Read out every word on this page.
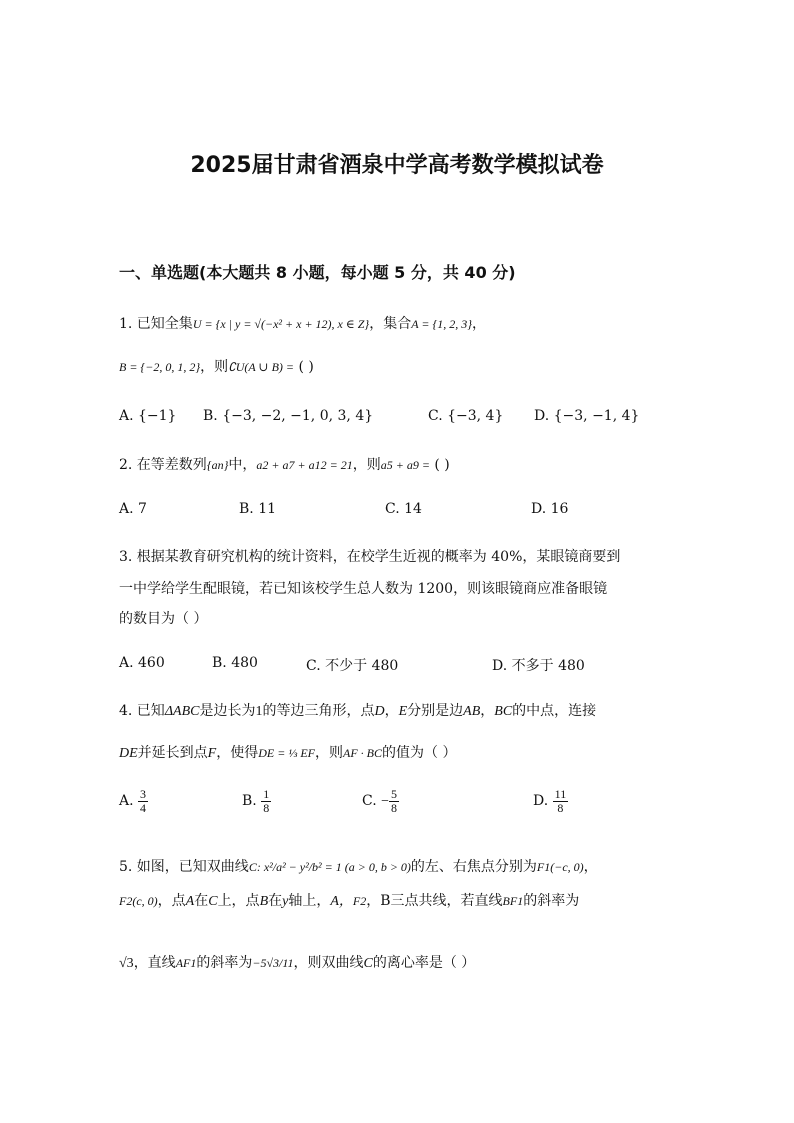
2025届甘肃省酒泉中学高考数学模拟试卷
一、单选题(本大题共 8 小题，每小题 5 分，共 40 分)
1. 已知全集U = {x | y = √(−x² + x + 12), x ∈ Z}，集合A = {1, 2, 3}，
B = {−2, 0, 1, 2}，则∁U(A ∪ B) = ( )
A. {−1} B. {−3, −2, −1, 0, 3, 4}	C. {−3, 4} D. {−3, −1, 4}
2. 在等差数列{an}中，a2 + a7 + a12 = 21，则a5 + a9 = ( )
A. 7	B. 11	C. 14	D. 16
3. 根据某教育研究机构的统计资料，在校学生近视的概率为 40%，某眼镜商要到
一中学给学生配眼镜，若已知该校学生总人数为 1200，则该眼镜商应准备眼镜
的数目为（ ）
A. 460	B. 480	C. 不少于 480	D. 不多于 480
4. 已知ΔABC是边长为1的等边三角形，点D，E分别是边AB，BC的中点，连接
DE并延长到点F，使得DE = ⅓ EF，则AF · BC的值为（ ）
A. $\frac{3}{4}$	B. $\frac{1}{8}$	C. − $\frac{5}{8}$	D. $\frac{11}{8}$
5. 如图，已知双曲线C: x²/a² − y²/b² = 1 (a > 0, b > 0)的左、右焦点分别为F1(−c, 0)，
F2(c, 0)，点A在C上，点B在y轴上，A，F2，B三点共线，若直线BF1的斜率为
√3，直线AF1的斜率为−5√3/11，则双曲线C的离心率是（ ）
